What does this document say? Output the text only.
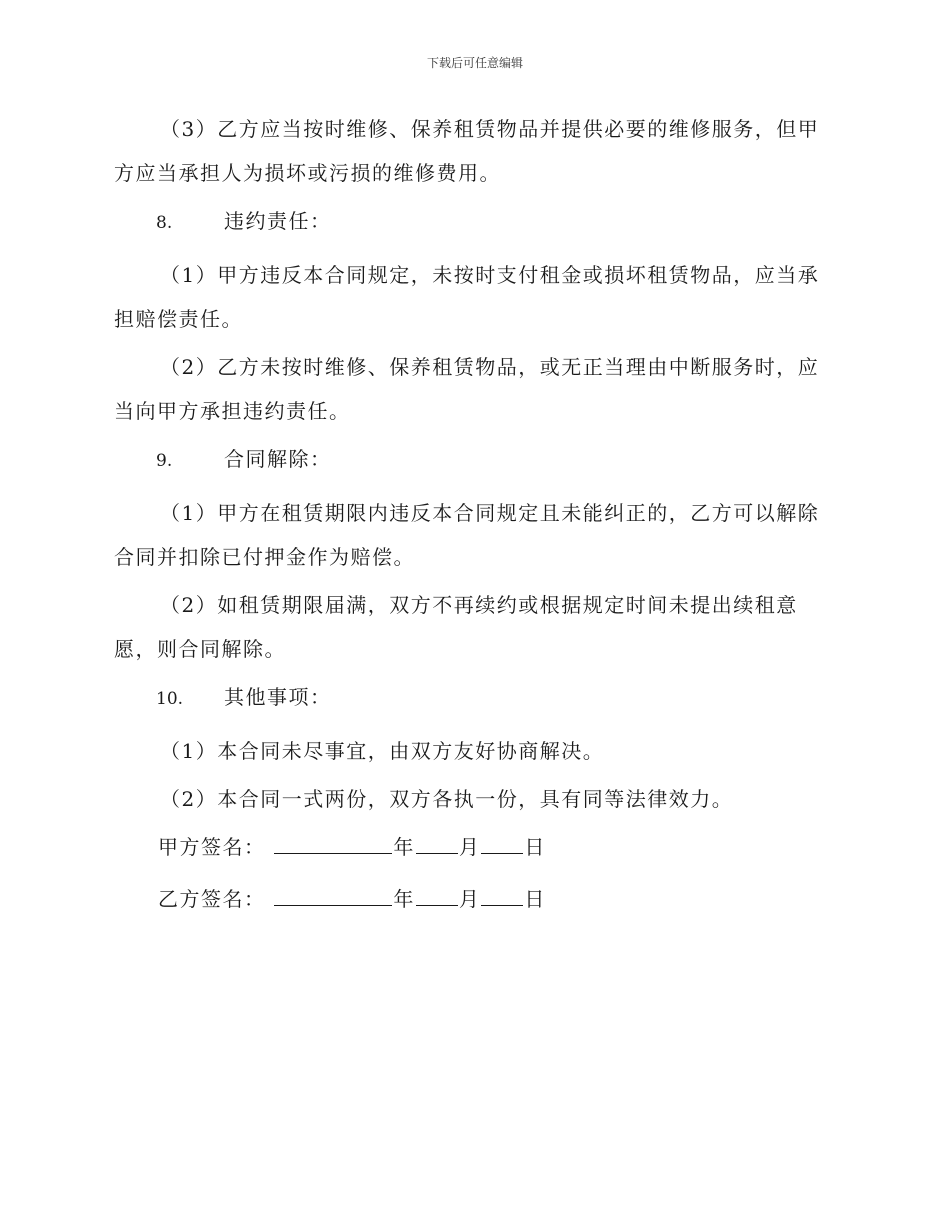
下载后可任意编辑

（3）乙方应当按时维修、保养租赁物品并提供必要的维修服务，但甲方应当承担人为损坏或污损的维修费用。

8.	违约责任：

（1）甲方违反本合同规定，未按时支付租金或损坏租赁物品，应当承担赔偿责任。

（2）乙方未按时维修、保养租赁物品，或无正当理由中断服务时，应当向甲方承担违约责任。

9.	合同解除：

（1）甲方在租赁期限内违反本合同规定且未能纠正的，乙方可以解除合同并扣除已付押金作为赔偿。

（2）如租赁期限届满，双方不再续约或根据规定时间未提出续租意愿，则合同解除。

10. 其他事项：

（1）本合同未尽事宜，由双方友好协商解决。

（2）本合同一式两份，双方各执一份，具有同等法律效力。

甲方签名：	年 月 日
乙方签名：	年 月 日
